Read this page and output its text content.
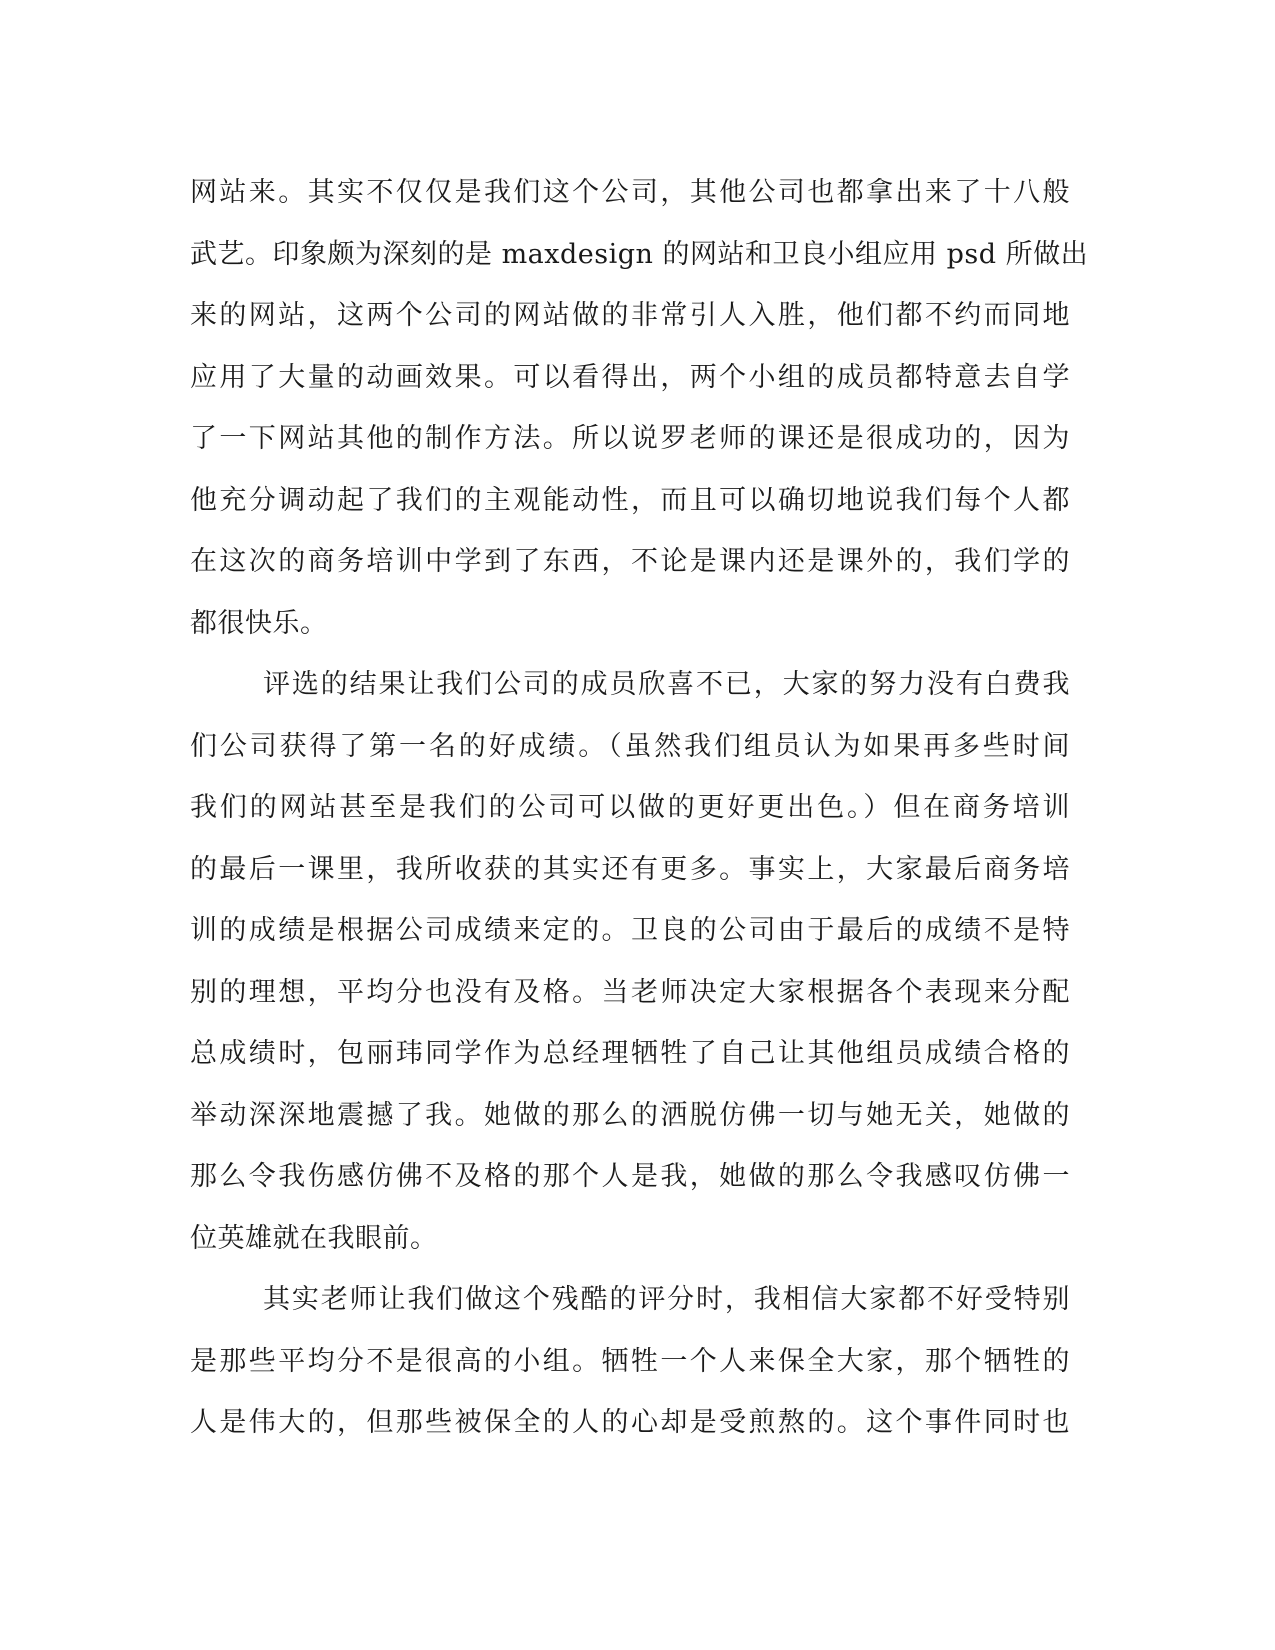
网站来。其实不仅仅是我们这个公司，其他公司也都拿出来了十八般
武艺。印象颇为深刻的是 maxdesign 的网站和卫良小组应用 psd 所做出
来的网站，这两个公司的网站做的非常引人入胜，他们都不约而同地
应用了大量的动画效果。可以看得出，两个小组的成员都特意去自学
了一下网站其他的制作方法。所以说罗老师的课还是很成功的，因为
他充分调动起了我们的主观能动性，而且可以确切地说我们每个人都
在这次的商务培训中学到了东西，不论是课内还是课外的，我们学的
都很快乐。
评选的结果让我们公司的成员欣喜不已，大家的努力没有白费我
们公司获得了第一名的好成绩。（虽然我们组员认为如果再多些时间
我们的网站甚至是我们的公司可以做的更好更出色。）但在商务培训
的最后一课里，我所收获的其实还有更多。事实上，大家最后商务培
训的成绩是根据公司成绩来定的。卫良的公司由于最后的成绩不是特
别的理想，平均分也没有及格。当老师决定大家根据各个表现来分配
总成绩时，包丽玮同学作为总经理牺牲了自己让其他组员成绩合格的
举动深深地震撼了我。她做的那么的洒脱仿佛一切与她无关，她做的
那么令我伤感仿佛不及格的那个人是我，她做的那么令我感叹仿佛一
位英雄就在我眼前。
其实老师让我们做这个残酷的评分时，我相信大家都不好受特别
是那些平均分不是很高的小组。牺牲一个人来保全大家，那个牺牲的
人是伟大的，但那些被保全的人的心却是受煎熬的。这个事件同时也
